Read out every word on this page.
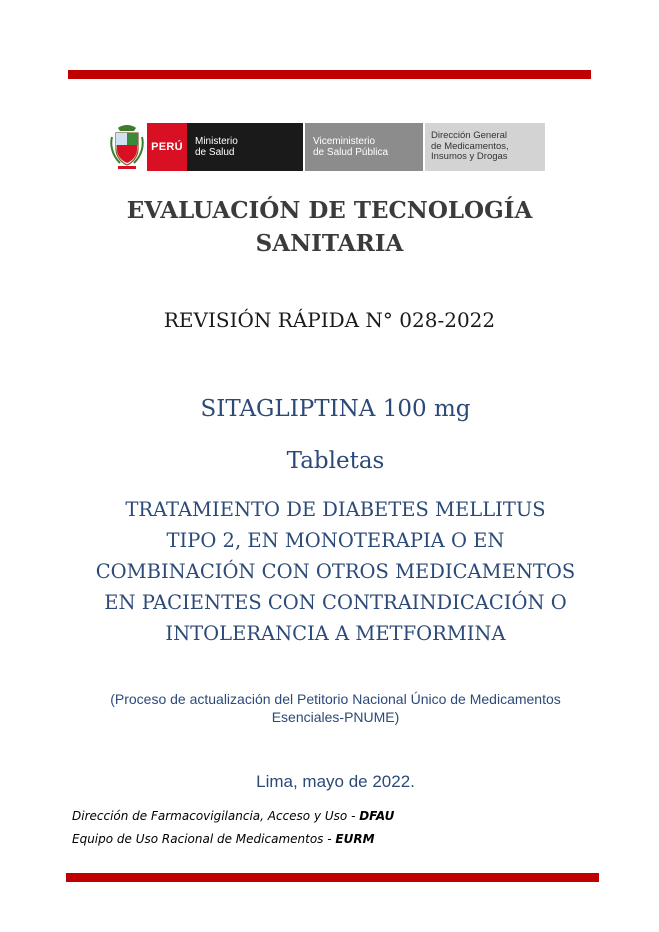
PERÚ	Ministerio
de Salud
Viceministerio
de Salud Pública
Dirección General
de Medicamentos,
Insumos y Drogas
EVALUACIÓN DE TECNOLOGÍA
SANITARIA
REVISIÓN RÁPIDA N° 028-2022
SITAGLIPTINA 100 mg
Tabletas
TRATAMIENTO DE DIABETES MELLITUS
TIPO 2, EN MONOTERAPIA O EN
COMBINACIÓN CON OTROS MEDICAMENTOS
EN PACIENTES CON CONTRAINDICACIÓN O
INTOLERANCIA A METFORMINA
(Proceso de actualización del Petitorio Nacional Único de Medicamentos
Esenciales-PNUME)
Lima, mayo de 2022.
Dirección de Farmacovigilancia, Acceso y Uso - DFAU
Equipo de Uso Racional de Medicamentos - EURM
